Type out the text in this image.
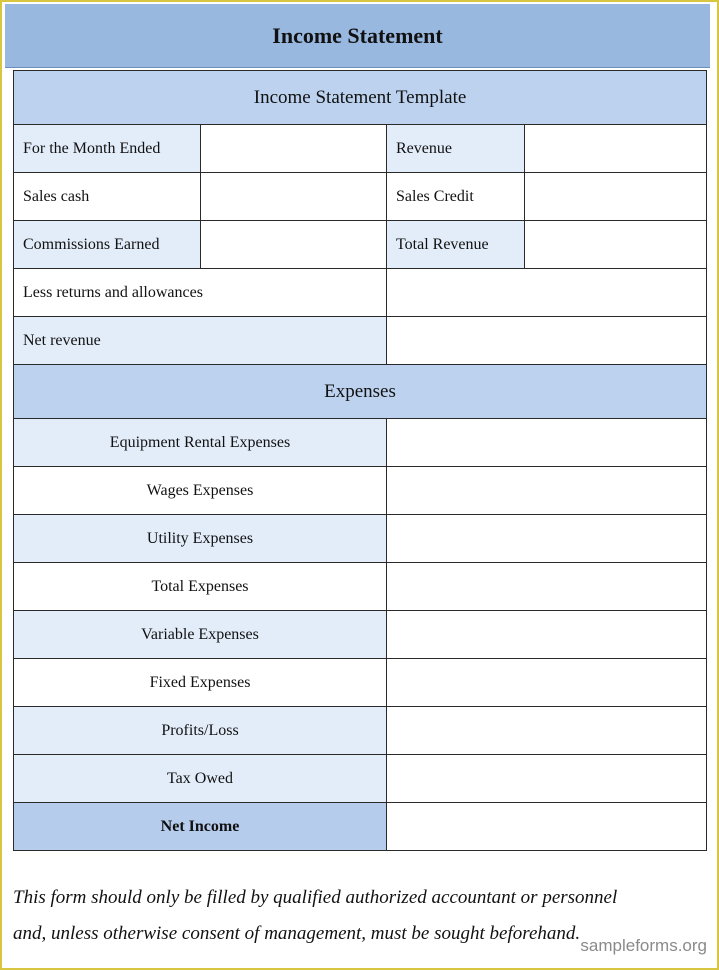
Income Statement
Income Statement Template			
For the Month Ended		Revenue	
Sales cash		Sales Credit	
Commissions Earned		Total Revenue	
Less returns and allowances			
Net revenue			
Expenses			
Equipment Rental Expenses			
Wages Expenses			
Utility Expenses			
Total Expenses			
Variable Expenses			
Fixed Expenses			
Profits/Loss			
Tax Owed			
Net Income			
This form should only be filled by qualified authorized accountant or personnel
and, unless otherwise consent of management, must be sought beforehand.
sampleforms.org
